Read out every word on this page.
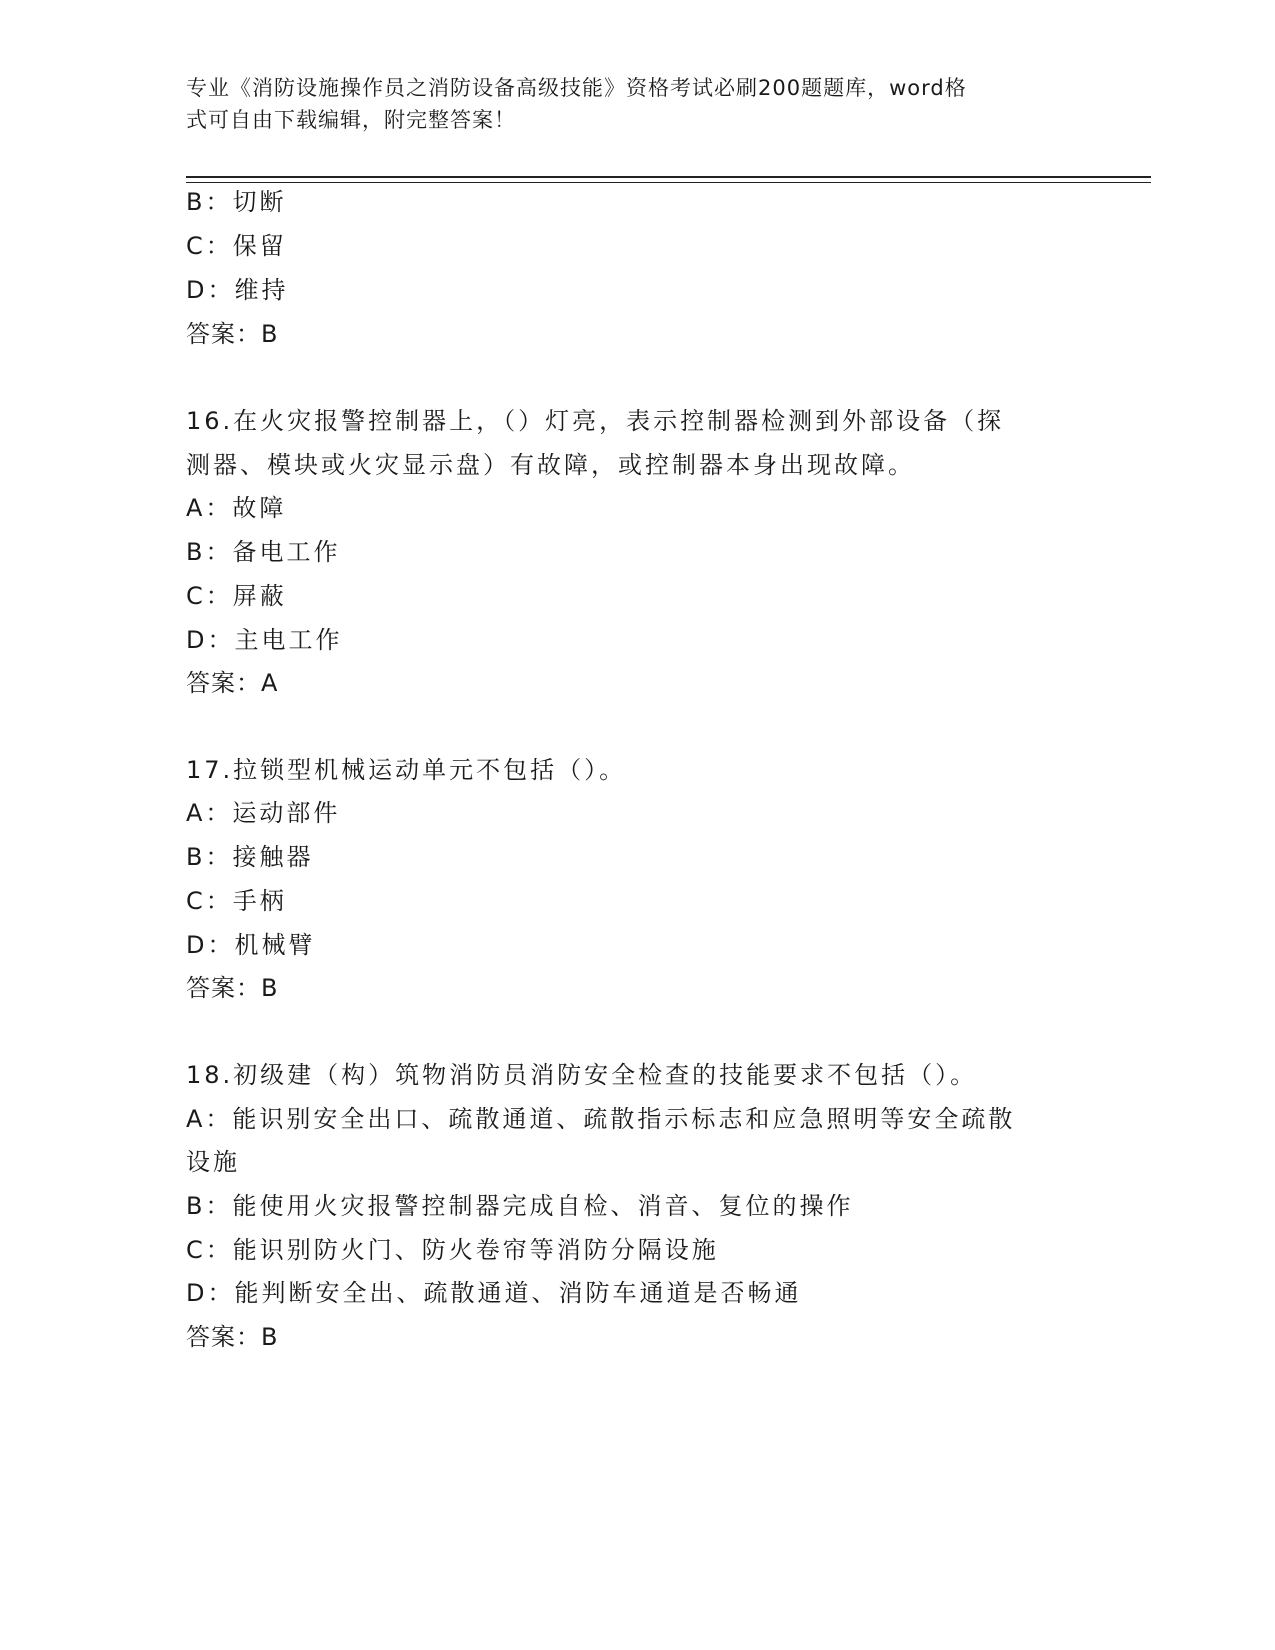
专业《消防设施操作员之消防设备高级技能》资格考试必刷200题题库，word格
式可自由下载编辑，附完整答案！
B：切断
C：保留
D：维持
答案：B
16.在火灾报警控制器上，（）灯亮，表示控制器检测到外部设备（探
测器、模块或火灾显示盘）有故障，或控制器本身出现故障。
A：故障
B：备电工作
C：屏蔽
D：主电工作
答案：A
17.拉锁型机械运动单元不包括（）。
A：运动部件
B：接触器
C：手柄
D：机械臂
答案：B
18.初级建（构）筑物消防员消防安全检查的技能要求不包括（）。
A：能识别安全出口、疏散通道、疏散指示标志和应急照明等安全疏散
设施
B：能使用火灾报警控制器完成自检、消音、复位的操作
C：能识别防火门、防火卷帘等消防分隔设施
D：能判断安全出、疏散通道、消防车通道是否畅通
答案：B
